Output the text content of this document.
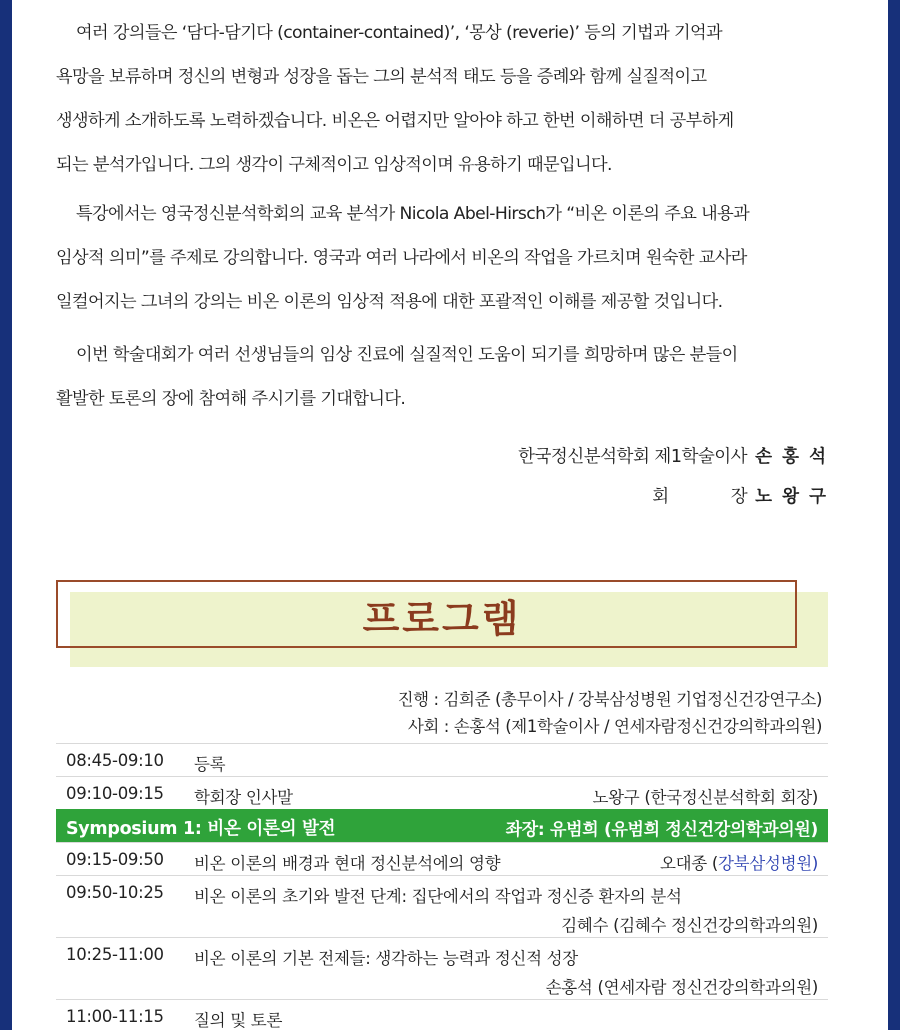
여러 강의들은 ‘담다-담기다 (container-contained)’, ‘몽상 (reverie)’ 등의 기법과 기억과
욕망을 보류하며 정신의 변형과 성장을 돕는 그의 분석적 태도 등을 증례와 함께 실질적이고
생생하게 소개하도록 노력하겠습니다. 비온은 어렵지만 알아야 하고 한번 이해하면 더 공부하게
되는 분석가입니다. 그의 생각이 구체적이고 임상적이며 유용하기 때문입니다.
특강에서는 영국정신분석학회의 교육 분석가 Nicola Abel-Hirsch가 “비온 이론의 주요 내용과
임상적 의미”를 주제로 강의합니다. 영국과 여러 나라에서 비온의 작업을 가르치며 원숙한 교사라
일컬어지는 그녀의 강의는 비온 이론의 임상적 적용에 대한 포괄적인 이해를 제공할 것입니다.
이번 학술대회가 여러 선생님들의 임상 진료에 실질적인 도움이 되기를 희망하며 많은 분들이
활발한 토론의 장에 참여해 주시기를 기대합니다.
한국정신분석학회 제1학술이사 손 홍 석
회	장 노 왕 구
프로그램
진행 : 김희준 (총무이사 / 강북삼성병원 기업정신건강연구소)
사회 : 손홍석 (제1학술이사 / 연세자람정신건강의학과의원)
08:45-09:10 등록
09:10-09:15 학회장 인사말	노왕구 (한국정신분석학회 회장)
Symposium 1: 비온 이론의 발전	좌장: 유범희 (유범희 정신건강의학과의원)
09:15-09:50 비온 이론의 배경과 현대 정신분석에의 영향	오대종 (강북삼성병원)
09:50-10:25 비온 이론의 초기와 발전 단계: 집단에서의 작업과 정신증 환자의 분석
김혜수 (김혜수 정신건강의학과의원)
10:25-11:00 비온 이론의 기본 전제들: 생각하는 능력과 정신적 성장
손홍석 (연세자람 정신건강의학과의원)
11:00-11:15 질의 및 토론
